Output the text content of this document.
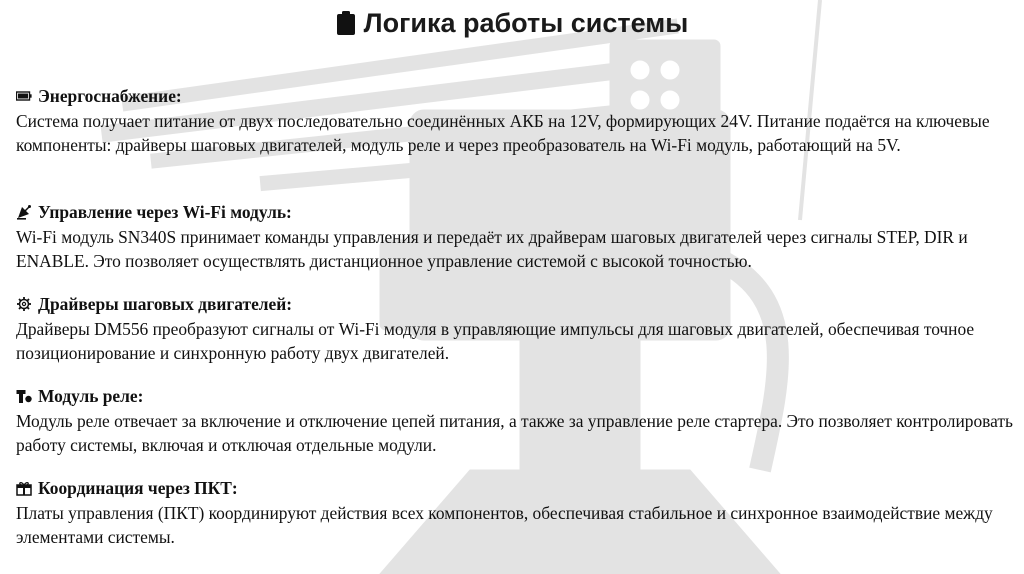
Логика работы системы
Энергоснабжение:

Система получает питание от двух последовательно соединённых АКБ на 12V, формирующих 24V. Питание подаётся на ключевые компоненты: драйверы шаговых двигателей, модуль реле и через преобразователь на Wi-Fi модуль, работающий на 5V.

Управление через Wi-Fi модуль:

Wi-Fi модуль SN340S принимает команды управления и передаёт их драйверам шаговых двигателей через сигналы STEP, DIR и ENABLE. Это позволяет осуществлять дистанционное управление системой с высокой точностью.

Драйверы шаговых двигателей:

Драйверы DM556 преобразуют сигналы от Wi-Fi модуля в управляющие импульсы для шаговых двигателей, обеспечивая точное позиционирование и синхронную работу двух двигателей.

Модуль реле:

Модуль реле отвечает за включение и отключение цепей питания, а также за управление реле стартера. Это позволяет контролировать работу системы, включая и отключая отдельные модули.

Координация через ПКТ:

Платы управления (ПКТ) координируют действия всех компонентов, обеспечивая стабильное и синхронное взаимодействие между элементами системы.
